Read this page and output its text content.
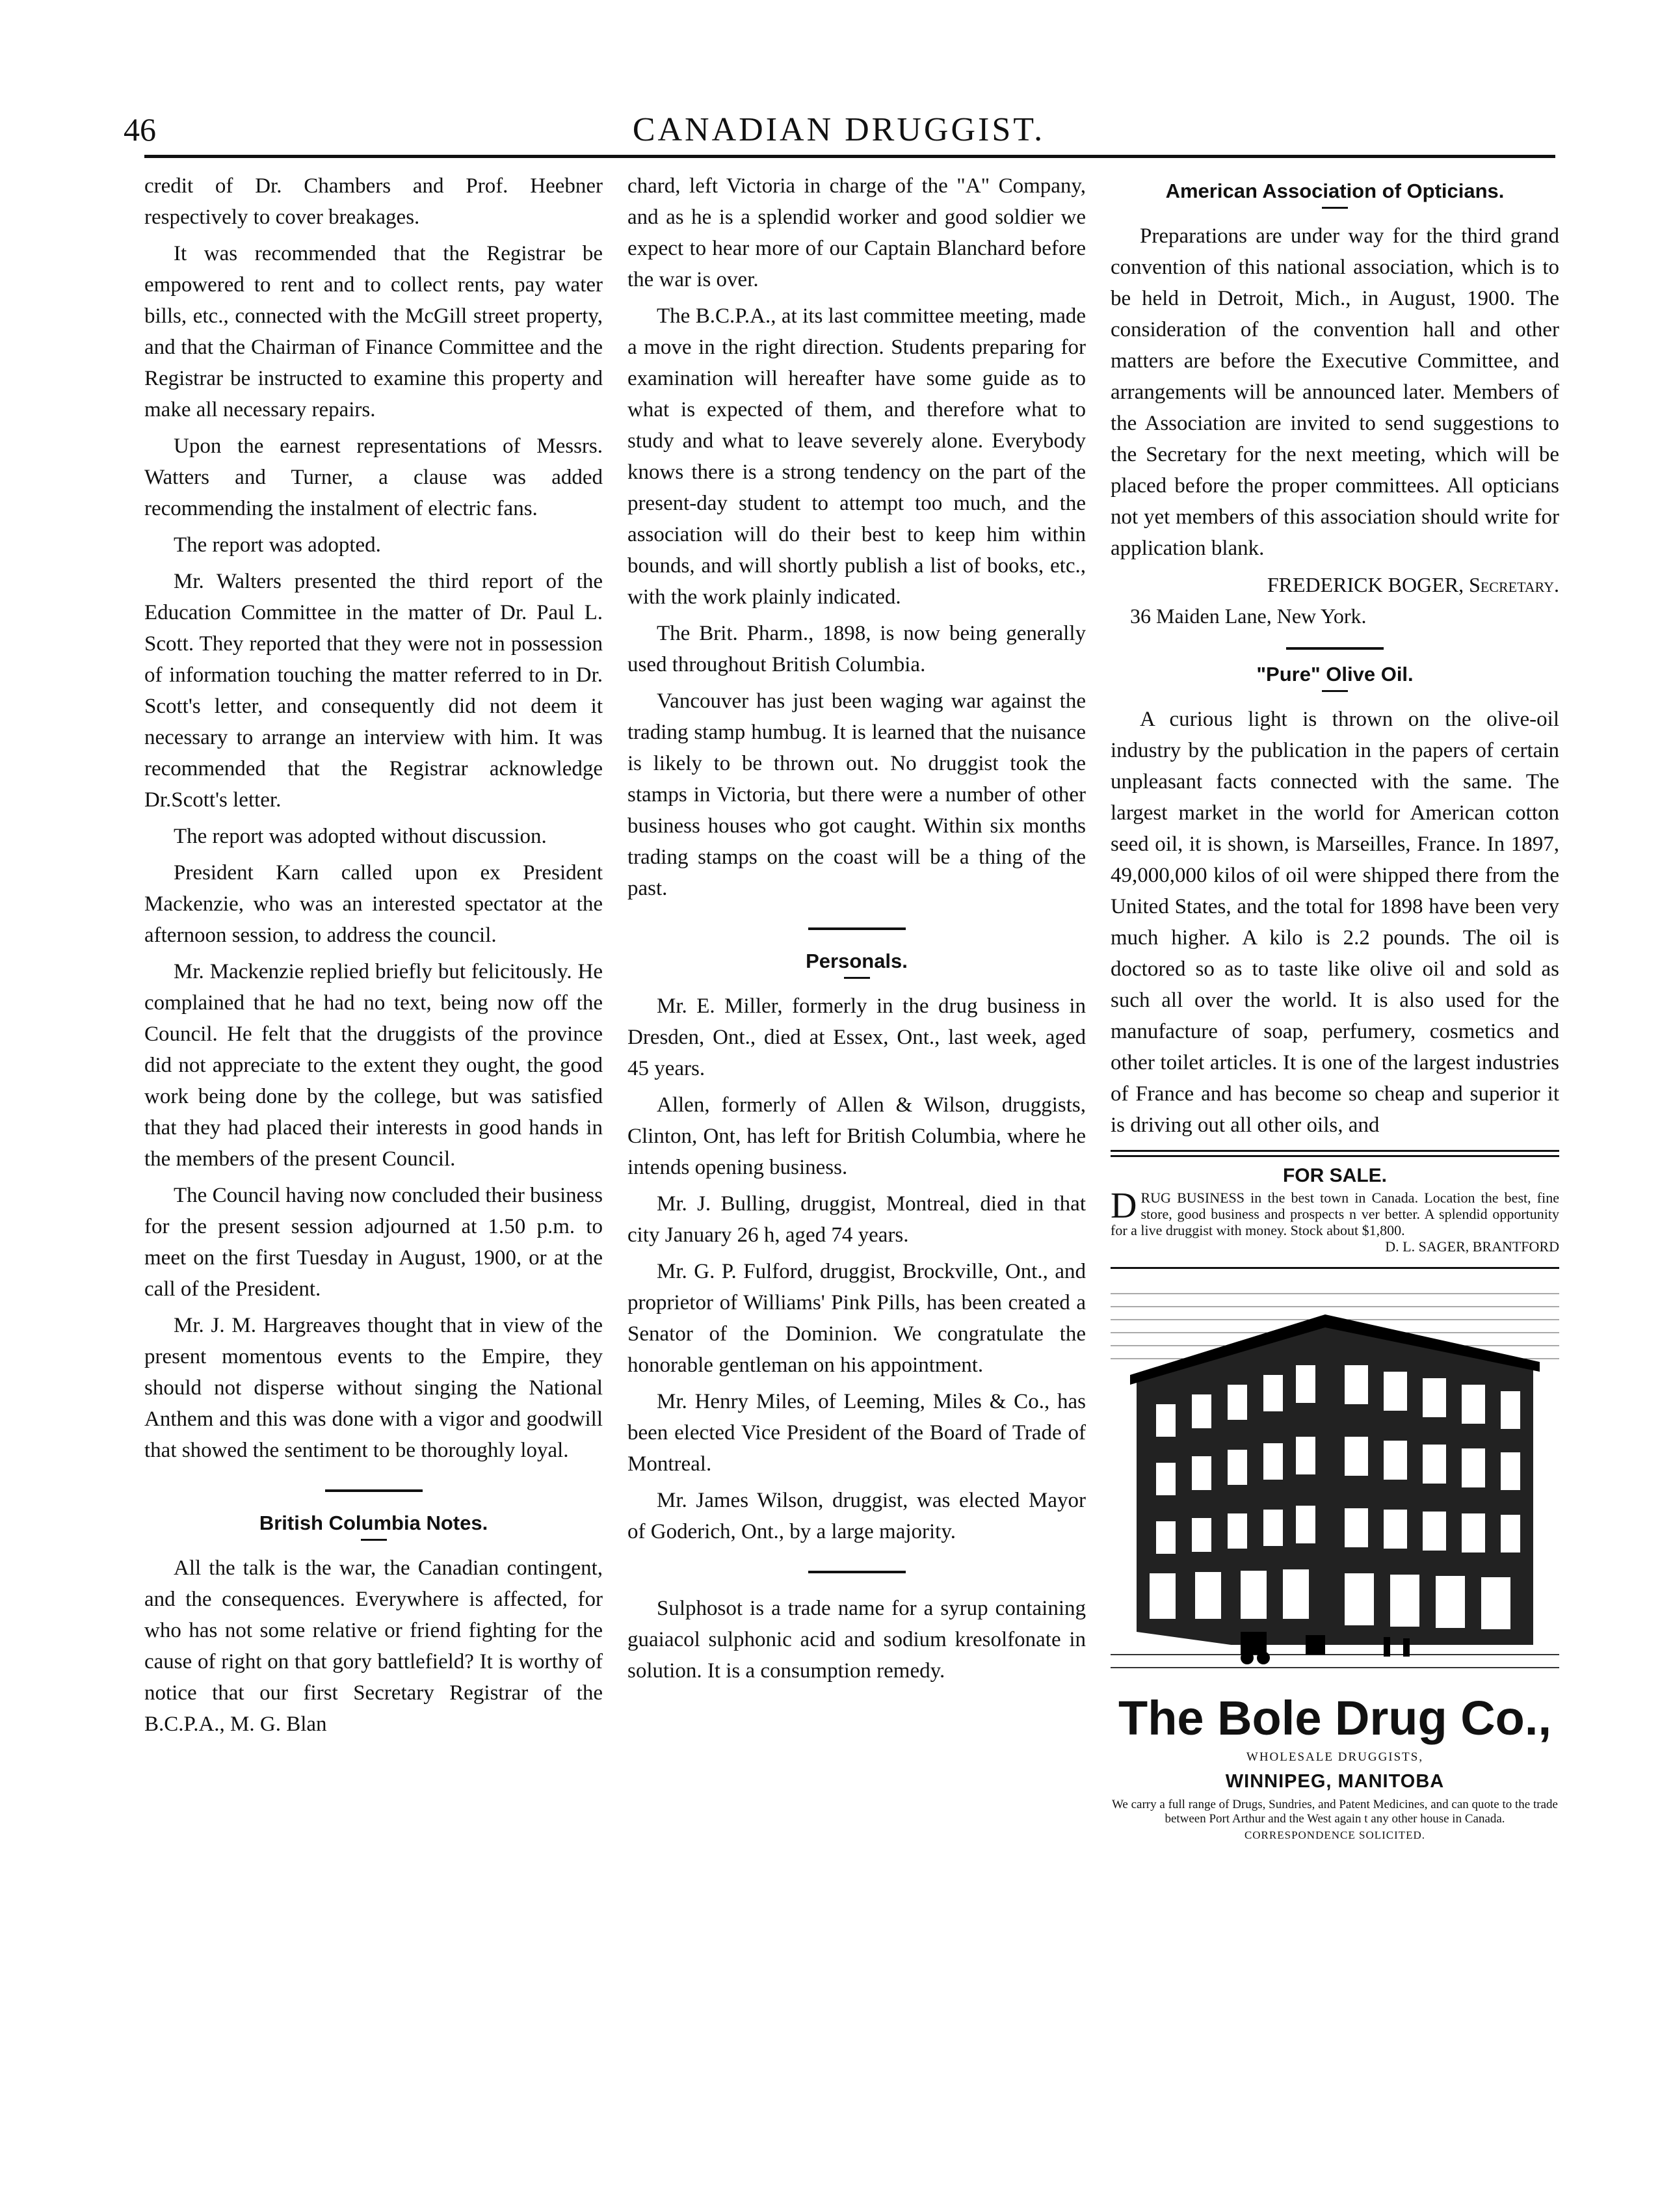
46	CANADIAN DRUGGIST.

credit of Dr. Chambers and Prof. Heebner respectively to cover breakages.

It was recommended that the Registrar be empowered to rent and to collect rents, pay water bills, etc., connected with the McGill street property, and that the Chairman of Finance Committee and the Registrar be instructed to examine this property and make all necessary repairs.

Upon the earnest representations of Messrs. Watters and Turner, a clause was added recommending the instalment of electric fans.

The report was adopted.

Mr. Walters presented the third report of the Education Committee in the matter of Dr. Paul L. Scott. They reported that they were not in possession of information touching the matter referred to in Dr. Scott's letter, and consequently did not deem it necessary to arrange an interview with him. It was recommended that the Registrar acknowledge Dr.Scott's letter.

The report was adopted without discussion.

President Karn called upon ex President Mackenzie, who was an interested spectator at the afternoon session, to address the council.

Mr. Mackenzie replied briefly but felicitously. He complained that he had no text, being now off the Council. He felt that the druggists of the province did not appreciate to the extent they ought, the good work being done by the college, but was satisfied that they had placed their interests in good hands in the members of the present Council.

The Council having now concluded their business for the present session adjourned at 1.50 p.m. to meet on the first Tuesday in August, 1900, or at the call of the President.

Mr. J. M. Hargreaves thought that in view of the present momentous events to the Empire, they should not disperse without singing the National Anthem and this was done with a vigor and goodwill that showed the sentiment to be thoroughly loyal.

British Columbia Notes.

All the talk is the war, the Canadian contingent, and the consequences. Everywhere is affected, for who has not some relative or friend fighting for the cause of right on that gory battlefield? It is worthy of notice that our first Secretary Registrar of the B.C.P.A., M. G. Blan

chard, left Victoria in charge of the "A" Company, and as he is a splendid worker and good soldier we expect to hear more of our Captain Blanchard before the war is over.

The B.C.P.A., at its last committee meeting, made a move in the right direction. Students preparing for examination will hereafter have some guide as to what is expected of them, and therefore what to study and what to leave severely alone. Everybody knows there is a strong tendency on the part of the present-day student to attempt too much, and the association will do their best to keep him within bounds, and will shortly publish a list of books, etc., with the work plainly indicated.

The Brit. Pharm., 1898, is now being generally used throughout British Columbia.

Vancouver has just been waging war against the trading stamp humbug. It is learned that the nuisance is likely to be thrown out. No druggist took the stamps in Victoria, but there were a number of other business houses who got caught. Within six months trading stamps on the coast will be a thing of the past.

Personals.

Mr. E. Miller, formerly in the drug business in Dresden, Ont., died at Essex, Ont., last week, aged 45 years.

Allen, formerly of Allen & Wilson, druggists, Clinton, Ont, has left for British Columbia, where he intends opening business.

Mr. J. Bulling, druggist, Montreal, died in that city January 26 h, aged 74 years.

Mr. G. P. Fulford, druggist, Brockville, Ont., and proprietor of Williams' Pink Pills, has been created a Senator of the Dominion. We congratulate the honorable gentleman on his appointment.

Mr. Henry Miles, of Leeming, Miles & Co., has been elected Vice President of the Board of Trade of Montreal.

Mr. James Wilson, druggist, was elected Mayor of Goderich, Ont., by a large majority.

Sulphosot is a trade name for a syrup containing guaiacol sulphonic acid and sodium kresolfonate in solution. It is a consumption remedy.

American Association of Opticians.

Preparations are under way for the third grand convention of this national association, which is to be held in Detroit, Mich., in August, 1900. The consideration of the convention hall and other matters are before the Executive Committee, and arrangements will be announced later. Members of the Association are invited to send suggestions to the Secretary for the next meeting, which will be placed before the proper committees. All opticians not yet members of this association should write for application blank.

FREDERICK BOGER, Secretary.
36 Maiden Lane, New York.
"Pure" Olive Oil.

A curious light is thrown on the olive-oil industry by the publication in the papers of certain unpleasant facts connected with the same. The largest market in the world for American cotton seed oil, it is shown, is Marseilles, France. In 1897, 49,000,000 kilos of oil were shipped there from the United States, and the total for 1898 have been very much higher. A kilo is 2.2 pounds. The oil is doctored so as to taste like olive oil and sold as such all over the world. It is also used for the manufacture of soap, perfumery, cosmetics and other toilet articles. It is one of the largest industries of France and has become so cheap and superior it is driving out all other oils, and

FOR SALE.
D RUG BUSINESS in the best town in Canada. Location the best, fine store, good business and prospects n ver better. A splendid opportunity for a live druggist with money. Stock about $1,800.
D. L. SAGER, BRANTFORD
The Bole Drug Co.,
WHOLESALE DRUGGISTS,
WINNIPEG, MANITOBA
We carry a full range of Drugs, Sundries, and Patent Medicines, and can quote to the trade between Port Arthur and the West again t any other house in Canada.
CORRESPONDENCE SOLICITED.
